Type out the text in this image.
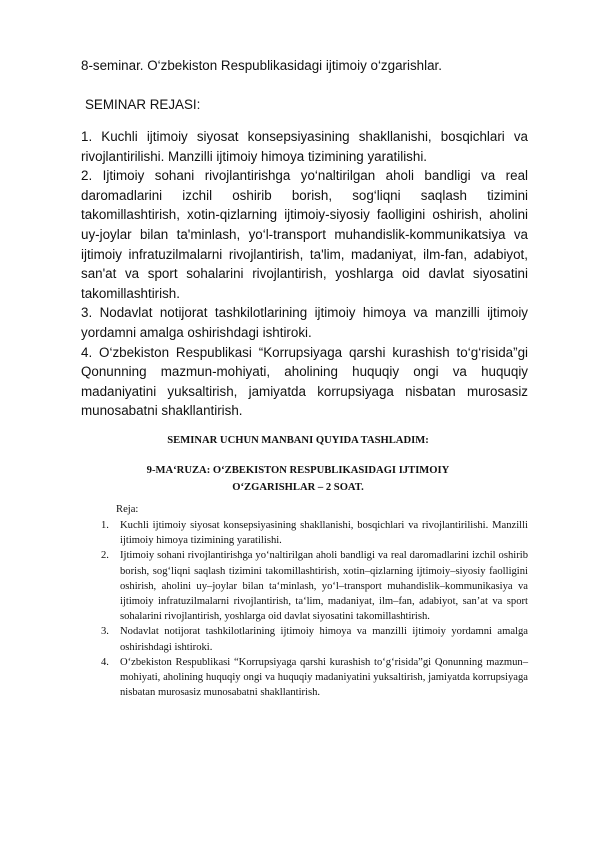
8-seminar. O‘zbekiston Respublikasidagi ijtimoiy o‘zgarishlar.
SEMINAR REJASI:

1. Kuchli ijtimoiy siyosat konsepsiyasining shakllanishi, bosqichlari va rivojlantirilishi. Manzilli ijtimoiy himoya tizimining yaratilishi.

2. Ijtimoiy sohani rivojlantirishga yo‘naltirilgan aholi bandligi va real daromadlarini izchil oshirib borish, sog‘liqni saqlash tizimini takomillashtirish, xotin-qizlarning ijtimoiy-siyosiy faolligini oshirish, aholini uy-joylar bilan ta'minlash, yo‘l-transport muhandislik-kommunikatsiya va ijtimoiy infratuzilmalarni rivojlantirish, ta'lim, madaniyat, ilm-fan, adabiyot, san'at va sport sohalarini rivojlantirish, yoshlarga oid davlat siyosatini takomillashtirish.

3. Nodavlat notijorat tashkilotlarining ijtimoiy himoya va manzilli ijtimoiy yordamni amalga oshirishdagi ishtiroki.

4. O‘zbekiston Respublikasi “Korrupsiyaga qarshi kurashish to‘g‘risida”gi Qonunning mazmun-mohiyati, aholining huquqiy ongi va huquqiy madaniyatini yuksaltirish, jamiyatda korrupsiyaga nisbatan murosasiz munosabatni shakllantirish.

SEMINAR UCHUN MANBANI QUYIDA TASHLADIM:
9-MA‘RUZA: O‘ZBEKISTON RESPUBLIKASIDAGI IJTIMOIY O‘ZGARISHLAR – 2 SOAT.
Reja:
1. Kuchli ijtimoiy siyosat konsepsiyasining shakllanishi, bosqichlari va rivojlantirilishi. Manzilli ijtimoiy himoya tizimining yaratilishi.
2. Ijtimoiy sohani rivojlantirishga yo‘naltirilgan aholi bandligi va real daromadlarini izchil oshirib borish, sog‘liqni saqlash tizimini takomillashtirish, xotin–qizlarning ijtimoiy–siyosiy faolligini oshirish, aholini uy–joylar bilan ta‘minlash, yo‘l–transport muhandislik–kommunikasiya va ijtimoiy infratuzilmalarni rivojlantirish, ta‘lim, madaniyat, ilm–fan, adabiyot, san’at va sport sohalarini rivojlantirish, yoshlarga oid davlat siyosatini takomillashtirish.
3. Nodavlat notijorat tashkilotlarining ijtimoiy himoya va manzilli ijtimoiy yordamni amalga oshirishdagi ishtiroki.
4. O‘zbekiston Respublikasi “Korrupsiyaga qarshi kurashish to‘g‘risida”gi Qonunning mazmun–mohiyati, aholining huquqiy ongi va huquqiy madaniyatini yuksaltirish, jamiyatda korrupsiyaga nisbatan murosasiz munosabatni shakllantirish.
